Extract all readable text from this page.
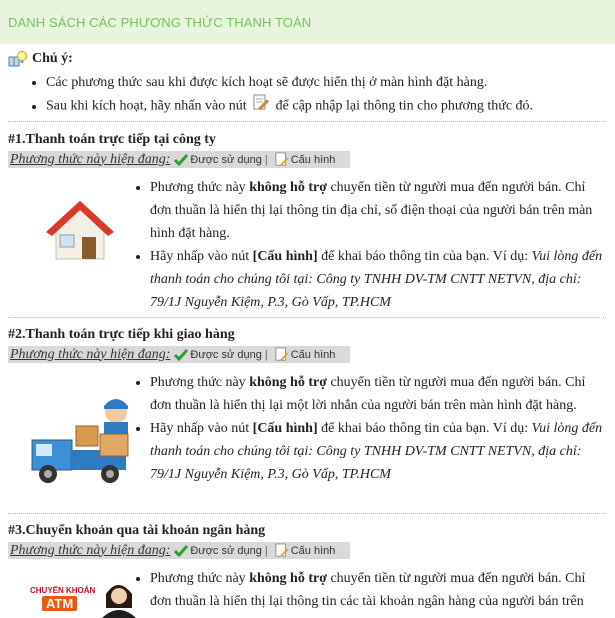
DANH SÁCH CÁC PHƯƠNG THỨC THANH TOÁN
Chú ý:
• Các phương thức sau khi được kích hoạt sẽ được hiển thị ở màn hình đặt hàng.
• Sau khi kích hoạt, hãy nhấn vào nút để cập nhập lại thông tin cho phương thức đó.
#1.Thanh toán trực tiếp tại công ty
Phương thức này hiện đang: Được sử dụng | Cấu hình
• Phương thức này không hỗ trợ chuyển tiền từ người mua đến người bán. Chỉ đơn thuần là hiển thị lại thông tin địa chỉ, số điện thoại của người bán trên màn hình đặt hàng.
• Hãy nhấp vào nút [Cấu hình] để khai báo thông tin của bạn. Ví dụ: Vui lòng đến thanh toán cho chúng tôi tại: Công ty TNHH DV-TM CNTT NETVN, địa chỉ: 79/1J Nguyễn Kiệm, P.3, Gò Vấp, TP.HCM
#2.Thanh toán trực tiếp khi giao hàng
Phương thức này hiện đang: Được sử dụng | Cấu hình
• Phương thức này không hỗ trợ chuyển tiền từ người mua đến người bán. Chỉ đơn thuần là hiển thị lại một lời nhắn của người bán trên màn hình đặt hàng.
• Hãy nhấp vào nút [Cấu hình] để khai báo thông tin của bạn. Ví dụ: Vui lòng đến thanh toán cho chúng tôi tại: Công ty TNHH DV-TM CNTT NETVN, địa chỉ: 79/1J Nguyễn Kiệm, P.3, Gò Vấp, TP.HCM
#3.Chuyển khoản qua tài khoản ngân hàng
Phương thức này hiện đang: Được sử dụng | Cấu hình
CHUYỂN KHOẢN
ATM
• Phương thức này không hỗ trợ chuyển tiền từ người mua đến người bán. Chỉ đơn thuần là hiển thị lại thông tin các tài khoản ngân hàng của người bán trên
